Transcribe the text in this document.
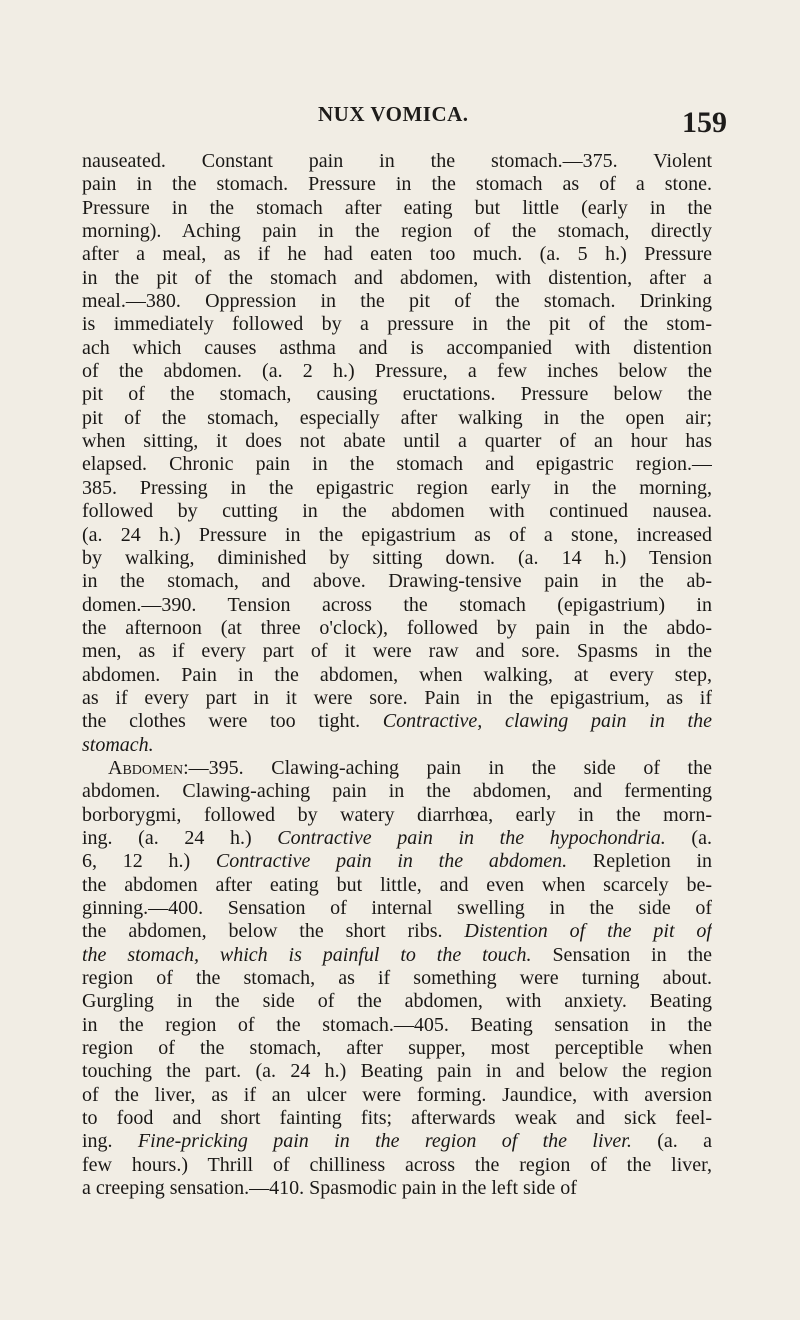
NUX VOMICA.	159
nauseated. Constant pain in the stomach.—375. Violent
pain in the stomach. Pressure in the stomach as of a stone.
Pressure in the stomach after eating but little (early in the
morning). Aching pain in the region of the stomach, directly
after a meal, as if he had eaten too much. (a. 5 h.) Pressure
in the pit of the stomach and abdomen, with distention, after a
meal.—380. Oppression in the pit of the stomach. Drinking
is immediately followed by a pressure in the pit of the stom-
ach which causes asthma and is accompanied with distention
of the abdomen. (a. 2 h.) Pressure, a few inches below the
pit of the stomach, causing eructations. Pressure below the
pit of the stomach, especially after walking in the open air;
when sitting, it does not abate until a quarter of an hour has
elapsed. Chronic pain in the stomach and epigastric region.—
385. Pressing in the epigastric region early in the morning,
followed by cutting in the abdomen with continued nausea.
(a. 24 h.) Pressure in the epigastrium as of a stone, increased
by walking, diminished by sitting down. (a. 14 h.) Tension
in the stomach, and above. Drawing-tensive pain in the ab-
domen.—390. Tension across the stomach (epigastrium) in
the afternoon (at three o'clock), followed by pain in the abdo-
men, as if every part of it were raw and sore. Spasms in the
abdomen. Pain in the abdomen, when walking, at every step,
as if every part in it were sore. Pain in the epigastrium, as if
the clothes were too tight. Contractive, clawing pain in the
stomach.
Abdomen:—395. Clawing-aching pain in the side of the
abdomen. Clawing-aching pain in the abdomen, and fermenting
borborygmi, followed by watery diarrhœa, early in the morn-
ing. (a. 24 h.) Contractive pain in the hypochondria. (a.
6, 12 h.) Contractive pain in the abdomen. Repletion in
the abdomen after eating but little, and even when scarcely be-
ginning.—400. Sensation of internal swelling in the side of
the abdomen, below the short ribs. Distention of the pit of
the stomach, which is painful to the touch. Sensation in the
region of the stomach, as if something were turning about.
Gurgling in the side of the abdomen, with anxiety. Beating
in the region of the stomach.—405. Beating sensation in the
region of the stomach, after supper, most perceptible when
touching the part. (a. 24 h.) Beating pain in and below the region
of the liver, as if an ulcer were forming. Jaundice, with aversion
to food and short fainting fits; afterwards weak and sick feel-
ing. Fine-pricking pain in the region of the liver. (a. a
few hours.) Thrill of chilliness across the region of the liver,
a creeping sensation.—410. Spasmodic pain in the left side of
